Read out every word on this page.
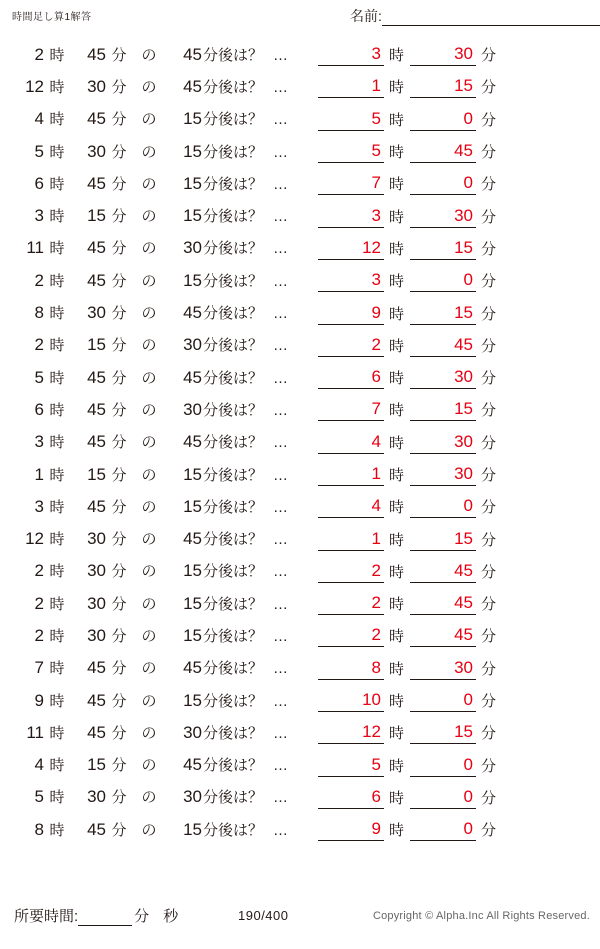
時間足し算1解答	名前:
2 時	45 分 の	45 分後は？ …	3 時	30 分
12 時	30 分 の	45 分後は？ …	1 時	15 分
4 時	45 分 の	15 分後は？ …	5 時	0 分
5 時	30 分 の	15 分後は？ …	5 時	45 分
6 時	45 分 の	15 分後は？ …	7 時	0 分
3 時	15 分 の	15 分後は？ …	3 時	30 分
11 時	45 分 の	30 分後は？ …	12 時	15 分
2 時	45 分 の	15 分後は？ …	3 時	0 分
8 時	30 分 の	45 分後は？ …	9 時	15 分
2 時	15 分 の	30 分後は？ …	2 時	45 分
5 時	45 分 の	45 分後は？ …	6 時	30 分
6 時	45 分 の	30 分後は？ …	7 時	15 分
3 時	45 分 の	45 分後は？ …	4 時	30 分
1 時	15 分 の	15 分後は？ …	1 時	30 分
3 時	45 分 の	15 分後は？ …	4 時	0 分
12 時	30 分 の	45 分後は？ …	1 時	15 分
2 時	30 分 の	15 分後は？ …	2 時	45 分
2 時	30 分 の	15 分後は？ …	2 時	45 分
2 時	30 分 の	15 分後は？ …	2 時	45 分
7 時	45 分 の	45 分後は？ …	8 時	30 分
9 時	45 分 の	15 分後は？ …	10 時	0 分
11 時	45 分 の	30 分後は？ …	12 時	15 分
4 時	15 分 の	45 分後は？ …	5 時	0 分
5 時	30 分 の	30 分後は？ …	6 時	0 分
8 時	45 分 の	15 分後は？ …	9 時	0 分
所要時間:	分 秒	190/400	Copyright © Alpha.Inc All Rights Reserved.
